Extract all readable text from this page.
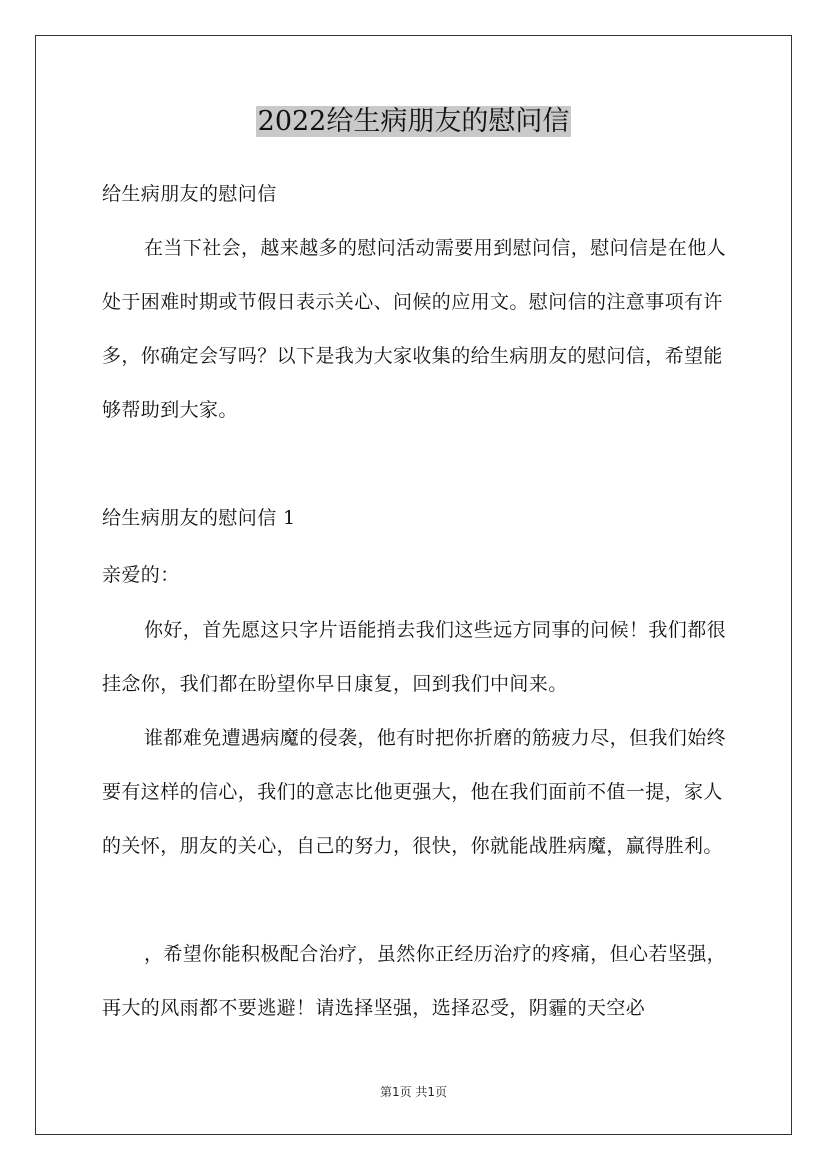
2022给生病朋友的慰问信
给生病朋友的慰问信
在当下社会，越来越多的慰问活动需要用到慰问信，慰问信是在他人处于困难时期或节假日表示关心、问候的应用文。慰问信的注意事项有许多，你确定会写吗？以下是我为大家收集的给生病朋友的慰问信，希望能够帮助到大家。
给生病朋友的慰问信 1
亲爱的：
你好，首先愿这只字片语能捎去我们这些远方同事的问候！我们都很挂念你，我们都在盼望你早日康复，回到我们中间来。
谁都难免遭遇病魔的侵袭，他有时把你折磨的筋疲力尽，但我们始终要有这样的信心，我们的意志比他更强大，他在我们面前不值一提，家人的关怀，朋友的关心，自己的努力，很快，你就能战胜病魔，赢得胜利。
，希望你能积极配合治疗，虽然你正经历治疗的疼痛，但心若坚强，再大的风雨都不要逃避！请选择坚强，选择忍受，阴霾的天空必
第1页 共1页
